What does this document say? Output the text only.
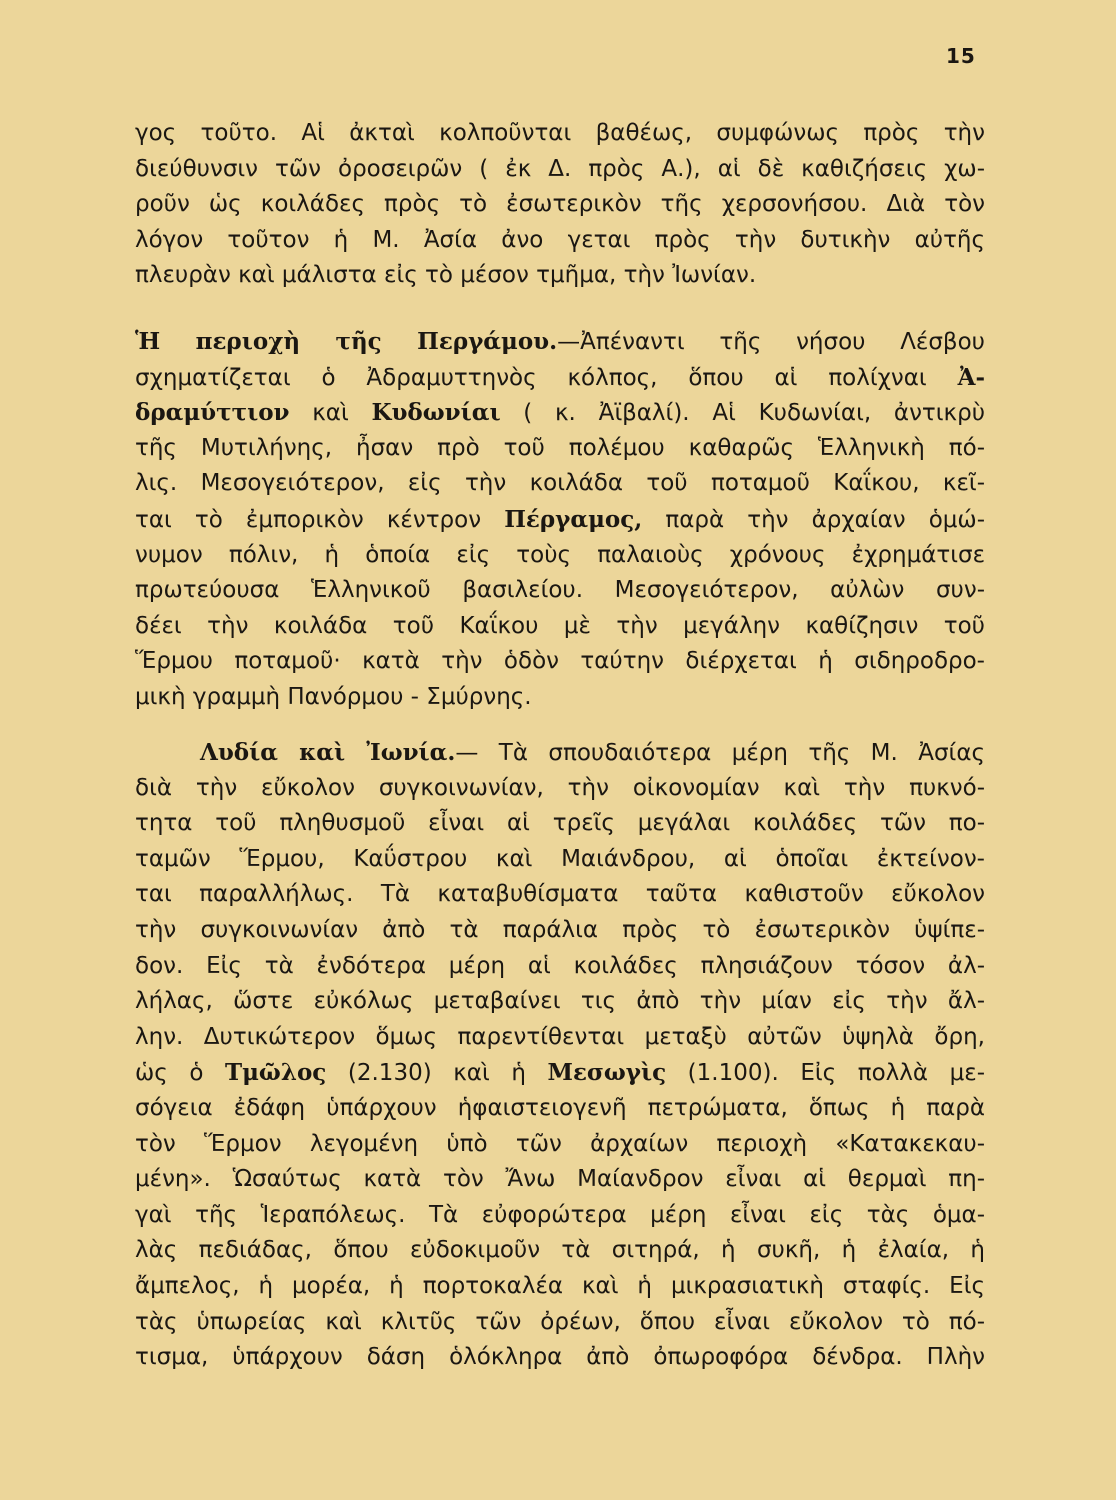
15
γος τοῦτο. Αἱ ἀκταὶ κολποῦνται βαθέως, συμφώνως πρὸς τὴν
διεύθυνσιν τῶν ὀροσειρῶν ( ἐκ Δ. πρὸς Α.), αἱ δὲ καθιζήσεις χω-
ροῦν ὡς κοιλάδες πρὸς τὸ ἐσωτερικὸν τῆς χερσονήσου. Διὰ τὸν
λόγον τοῦτον ἡ Μ. Ἀσία ἀνο γεται πρὸς τὴν δυτικὴν αὐτῆς
πλευρὰν καὶ μάλιστα εἰς τὸ μέσον τμῆμα, τὴν Ἰωνίαν.
Ἡ περιοχὴ τῆς Περγάμου.—Ἀπέναντι τῆς νήσου Λέσβου
σχηματίζεται ὁ Ἀδραμυττηνὸς κόλπος, ὅπου αἱ πολίχναι Ἀ-
δραμύττιον καὶ Κυδωνίαι ( κ. Ἀϊβαλί). Αἱ Κυδωνίαι, ἀντικρὺ
τῆς Μυτιλήνης, ἦσαν πρὸ τοῦ πολέμου καθαρῶς Ἑλληνικὴ πό-
λις. Μεσογειότερον, εἰς τὴν κοιλάδα τοῦ ποταμοῦ Καΐκου, κεῖ-
ται τὸ ἐμπορικὸν κέντρον Πέργαμος, παρὰ τὴν ἀρχαίαν ὁμώ-
νυμον πόλιν, ἡ ὁποία εἰς τοὺς παλαιοὺς χρόνους ἐχρημάτισε
πρωτεύουσα Ἑλληνικοῦ βασιλείου. Μεσογειότερον, αὐλὼν συν-
δέει τὴν κοιλάδα τοῦ Καΐκου μὲ τὴν μεγάλην καθίζησιν τοῦ
Ἕρμου ποταμοῦ· κατὰ τὴν ὁδὸν ταύτην διέρχεται ἡ σιδηροδρο-
μικὴ γραμμὴ Πανόρμου - Σμύρνης.
Λυδία καὶ Ἰωνία.— Τὰ σπουδαιότερα μέρη τῆς Μ. Ἀσίας
διὰ τὴν εὔκολον συγκοινωνίαν, τὴν οἰκονομίαν καὶ τὴν πυκνό-
τητα τοῦ πληθυσμοῦ εἶναι αἱ τρεῖς μεγάλαι κοιλάδες τῶν πο-
ταμῶν Ἕρμου, Καΰστρου καὶ Μαιάνδρου, αἱ ὁποῖαι ἐκτείνον-
ται παραλλήλως. Τὰ καταβυθίσματα ταῦτα καθιστοῦν εὔκολον
τὴν συγκοινωνίαν ἀπὸ τὰ παράλια πρὸς τὸ ἐσωτερικὸν ὑψίπε-
δον. Εἰς τὰ ἐνδότερα μέρη αἱ κοιλάδες πλησιάζουν τόσον ἀλ-
λήλας, ὥστε εὐκόλως μεταβαίνει τις ἀπὸ τὴν μίαν εἰς τὴν ἄλ-
λην. Δυτικώτερον ὅμως παρεντίθενται μεταξὺ αὐτῶν ὑψηλὰ ὄρη,
ὡς ὁ Τμῶλος (2.130) καὶ ἡ Μεσωγὶς (1.100). Εἰς πολλὰ με-
σόγεια ἐδάφη ὑπάρχουν ἡφαιστειογενῆ πετρώματα, ὅπως ἡ παρὰ
τὸν Ἕρμον λεγομένη ὑπὸ τῶν ἀρχαίων περιοχὴ «Κατακεκαυ-
μένη». Ὡσαύτως κατὰ τὸν Ἄνω Μαίανδρον εἶναι αἱ θερμαὶ πη-
γαὶ τῆς Ἱεραπόλεως. Τὰ εὐφορώτερα μέρη εἶναι εἰς τὰς ὁμα-
λὰς πεδιάδας, ὅπου εὐδοκιμοῦν τὰ σιτηρά, ἡ συκῆ, ἡ ἐλαία, ἡ
ἄμπελος, ἡ μορέα, ἡ πορτοκαλέα καὶ ἡ μικρασιατικὴ σταφίς. Εἰς
τὰς ὑπωρείας καὶ κλιτῦς τῶν ὀρέων, ὅπου εἶναι εὔκολον τὸ πό-
τισμα, ὑπάρχουν δάση ὁλόκληρα ἀπὸ ὀπωροφόρα δένδρα. Πλὴν
